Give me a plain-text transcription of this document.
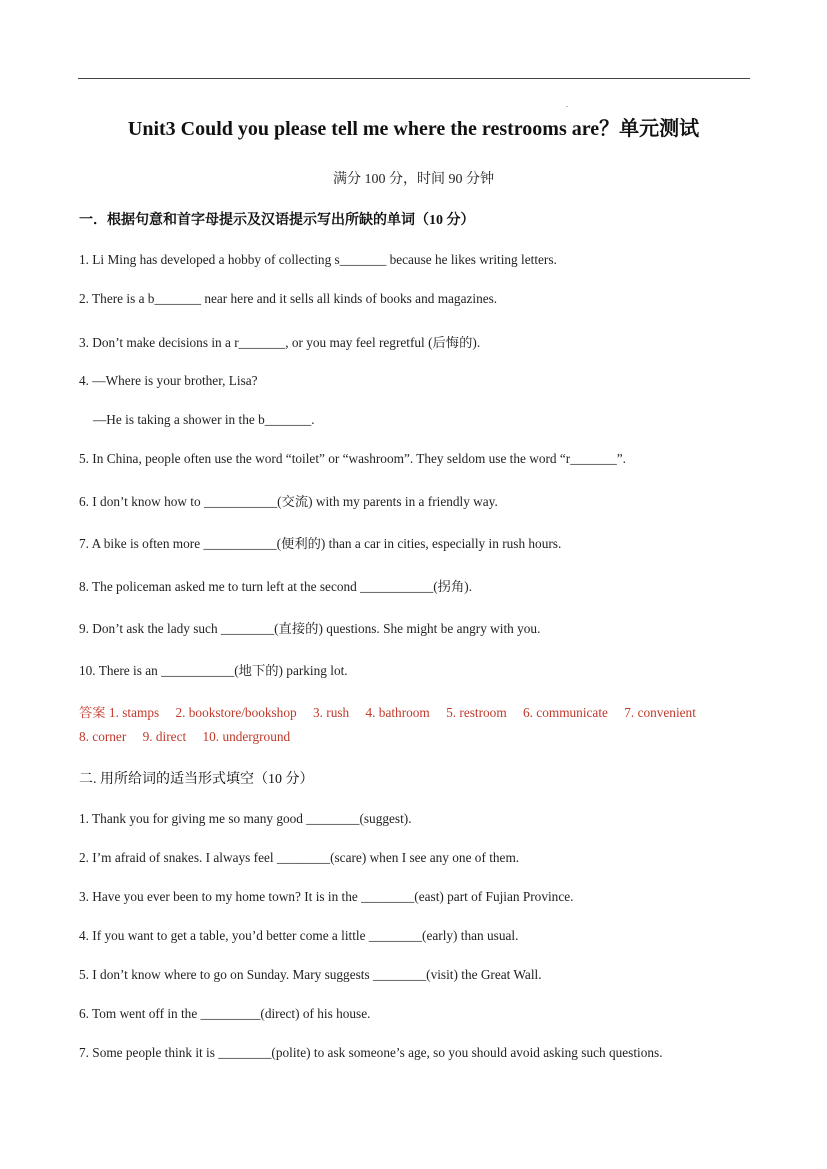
.
Unit3 Could you please tell me where the restrooms are？单元测试
满分 100 分，时间 90 分钟
一．根据句意和首字母提示及汉语提示写出所缺的单词（10 分）
1. Li Ming has developed a hobby of collecting s_______ because he likes writing letters.
2. There is a b_______ near here and it sells all kinds of books and magazines.
3. Don’t make decisions in a r_______, or you may feel regretful (后悔的).
4. —Where is your brother, Lisa?
—He is taking a shower in the b_______.
5. In China, people often use the word “toilet” or “washroom”. They seldom use the word “r_______”.
6. I don’t know how to ___________(交流) with my parents in a friendly way.
7. A bike is often more ___________(便利的) than a car in cities, especially in rush hours.
8. The policeman asked me to turn left at the second ___________(拐角).
9. Don’t ask the lady such ________(直接的) questions. She might be angry with you.
10. There is an ___________(地下的) parking lot.
答案 1. stamps 2. bookstore/bookshop 3. rush 4. bathroom 5. restroom 6. communicate 7. convenient
8. corner 9. direct 10. underground
二. 用所给词的适当形式填空（10 分）
1. Thank you for giving me so many good ________(suggest).
2. I’m afraid of snakes. I always feel ________(scare) when I see any one of them.
3. Have you ever been to my home town? It is in the ________(east) part of Fujian Province.
4. If you want to get a table, you’d better come a little ________(early) than usual.
5. I don’t know where to go on Sunday. Mary suggests ________(visit) the Great Wall.
6. Tom went off in the _________(direct) of his house.
7. Some people think it is ________(polite) to ask someone’s age, so you should avoid asking such questions.
